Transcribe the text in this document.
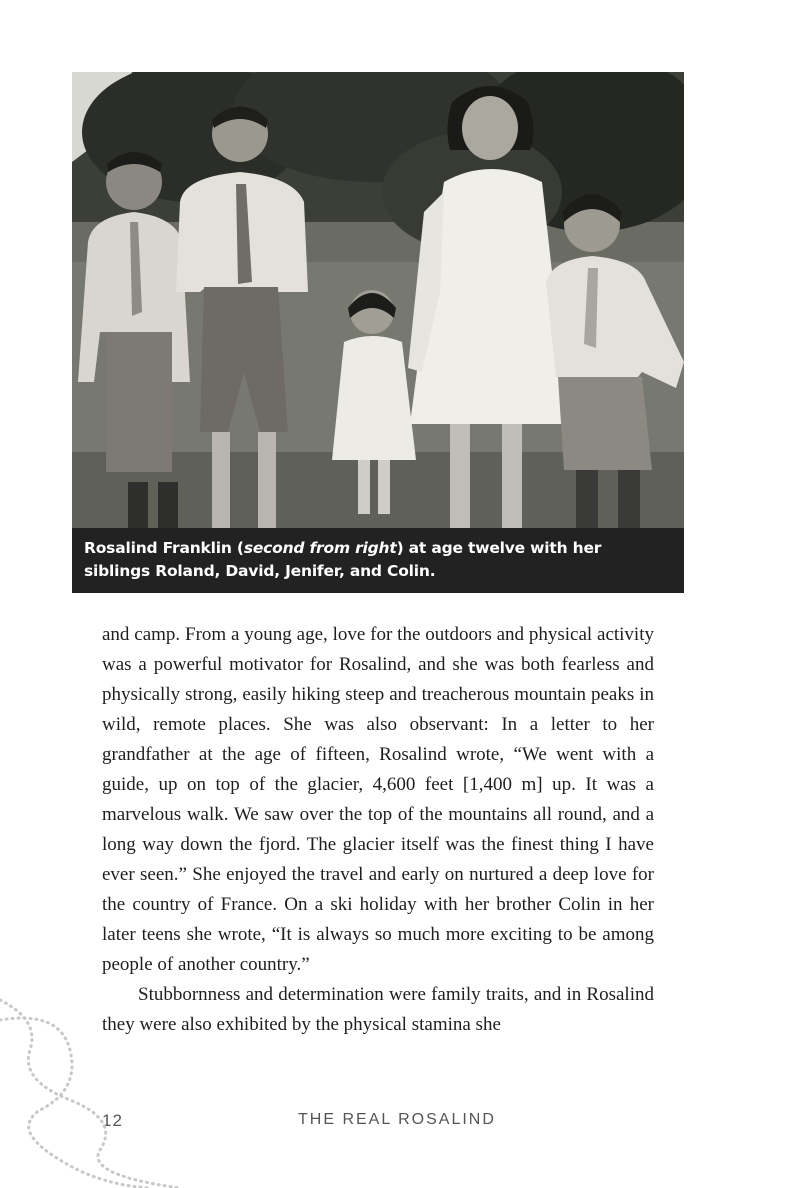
Rosalind Franklin (second from right) at age twelve with her siblings Roland, David, Jenifer, and Colin.

and camp. From a young age, love for the outdoors and physical activity was a powerful motivator for Rosalind, and she was both fearless and physically strong, easily hiking steep and treacherous mountain peaks in wild, remote places. She was also observant: In a letter to her grandfather at the age of fifteen, Rosalind wrote, “We went with a guide, up on top of the glacier, 4,600 feet [1,400 m] up. It was a marvelous walk. We saw over the top of the mountains all round, and a long way down the fjord. The glacier itself was the finest thing I have ever seen.” She enjoyed the travel and early on nurtured a deep love for the country of France. On a ski holiday with her brother Colin in her later teens she wrote, “It is always so much more exciting to be among people of another country.”

Stubbornness and determination were family traits, and in Rosalind they were also exhibited by the physical stamina she

12	THE REAL ROSALIND
